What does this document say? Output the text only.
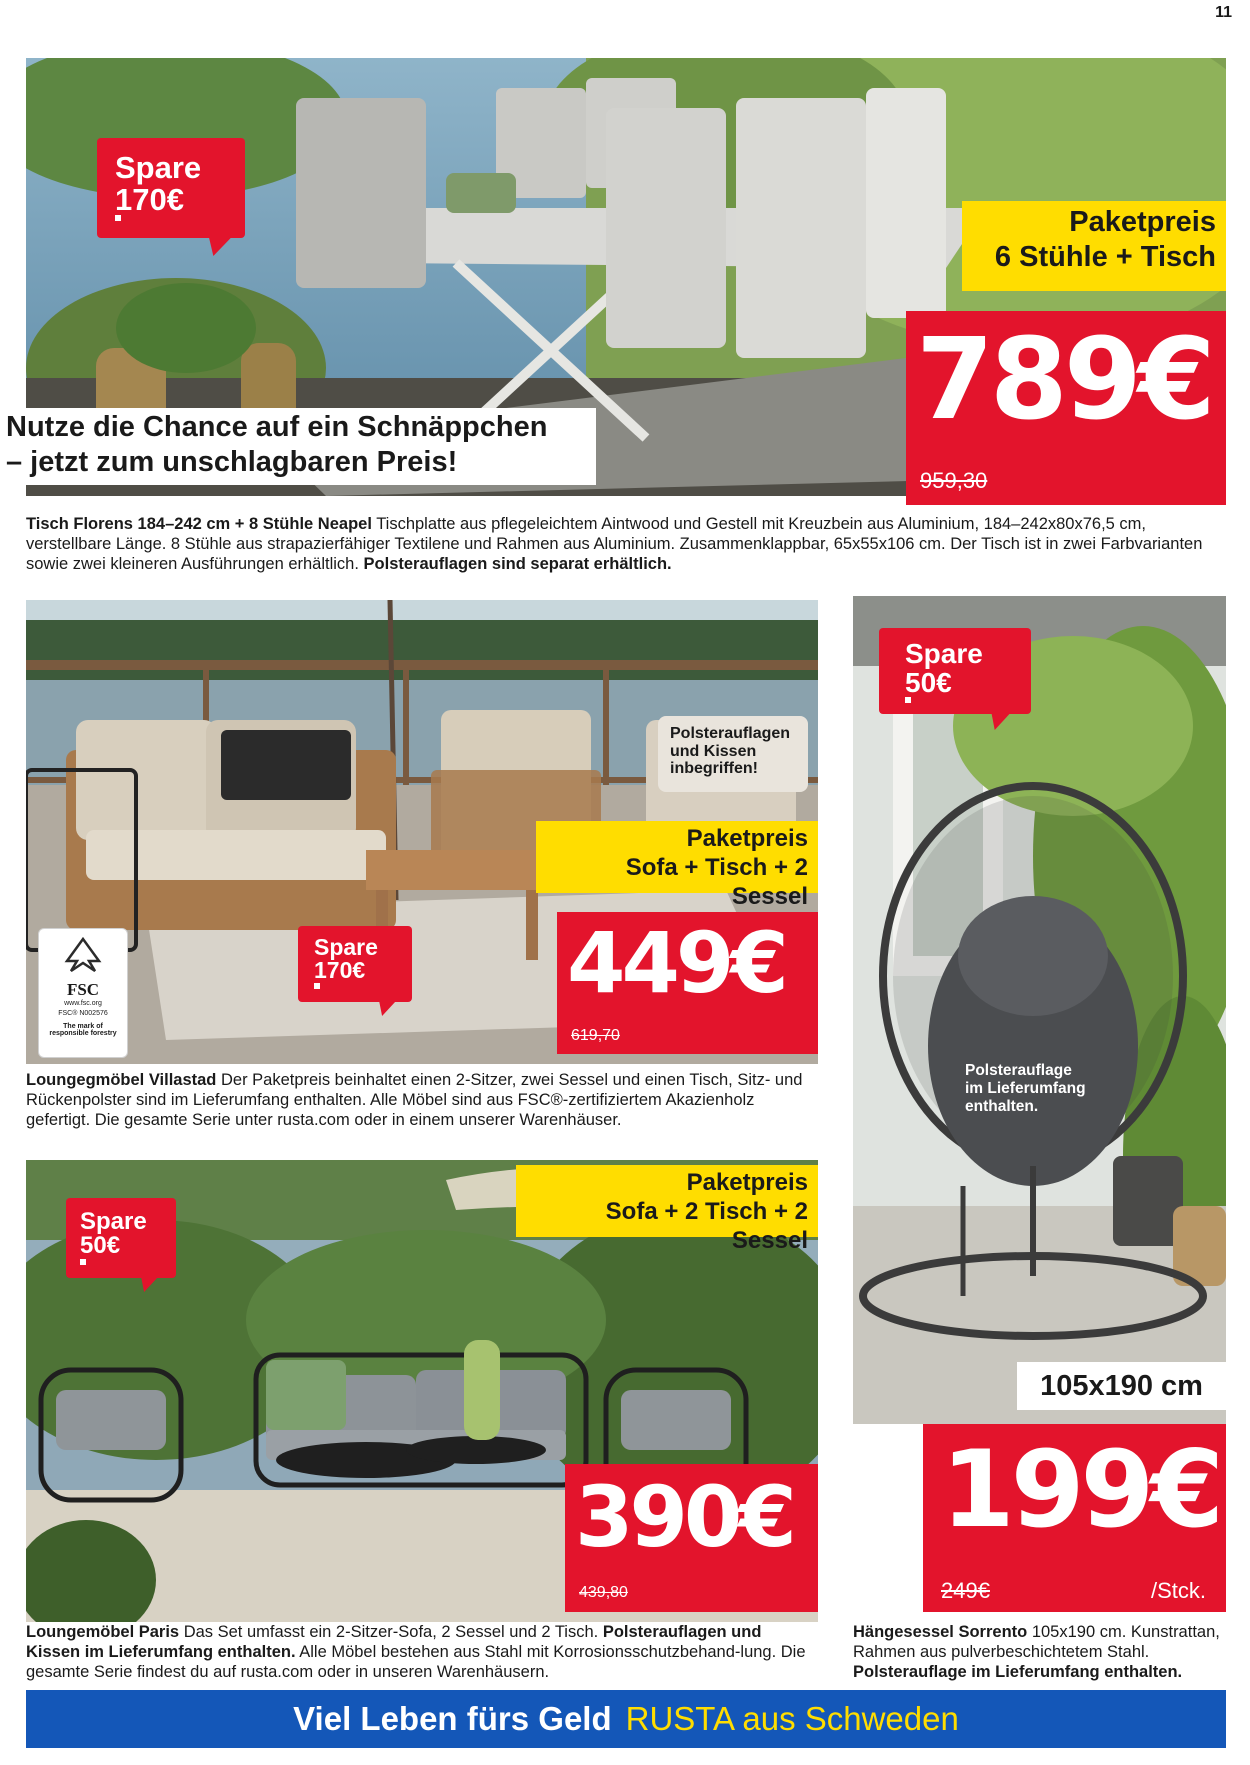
11
Spare
170€
Paketpreis
6 Stühle + Tisch
789€
959,30
Nutze die Chance auf ein Schnäppchen
– jetzt zum unschlagbaren Preis!
Tisch Florens 184–242 cm + 8 Stühle Neapel Tischplatte aus pflegeleichtem Aintwood und Gestell mit Kreuzbein aus Aluminium, 184–242x80x76,5 cm, verstellbare Länge. 8 Stühle aus strapazierfähiger Textilene und Rahmen aus Aluminium. Zusammenklappbar, 65x55x106 cm. Der Tisch ist in zwei Farbvarianten sowie zwei kleineren Ausführungen erhältlich. Polsterauflagen sind separat erhältlich.
FSC
www.fsc.org
FSC® N002576
The mark of
responsible forestry
Polsterauflagen
und Kissen
inbegriffen!
Paketpreis
Sofa + Tisch + 2 Sessel
Spare
170€	449€
619,70
Loungegmöbel Villastad Der Paketpreis beinhaltet einen 2-Sitzer, zwei Sessel und einen Tisch, Sitz- und Rückenpolster sind im Lieferumfang enthalten. Alle Möbel sind aus FSC®-zertifiziertem Akazienholz gefertigt. Die gesamte Serie unter rusta.com oder in einem unserer Warenhäuser.
Spare
50€
Polsterauflage
im Lieferumfang
enthalten.
105x190 cm
199€
249€	/Stck.
Hängesessel Sorrento 105x190 cm. Kunstrattan, Rahmen aus pulverbeschichtetem Stahl.
Polsterauflage im Lieferumfang enthalten.
Spare
50€
Paketpreis
Sofa + 2 Tisch + 2 Sessel
390€
439,80
Loungemöbel Paris Das Set umfasst ein 2-Sitzer-Sofa, 2 Sessel und 2 Tisch. Polsterauflagen und Kissen im Lieferumfang enthalten. Alle Möbel bestehen aus Stahl mit Korrosionsschutzbehand-lung. Die gesamte Serie findest du auf rusta.com oder in unseren Warenhäusern.
Viel Leben fürs Geld RUSTA aus Schweden
